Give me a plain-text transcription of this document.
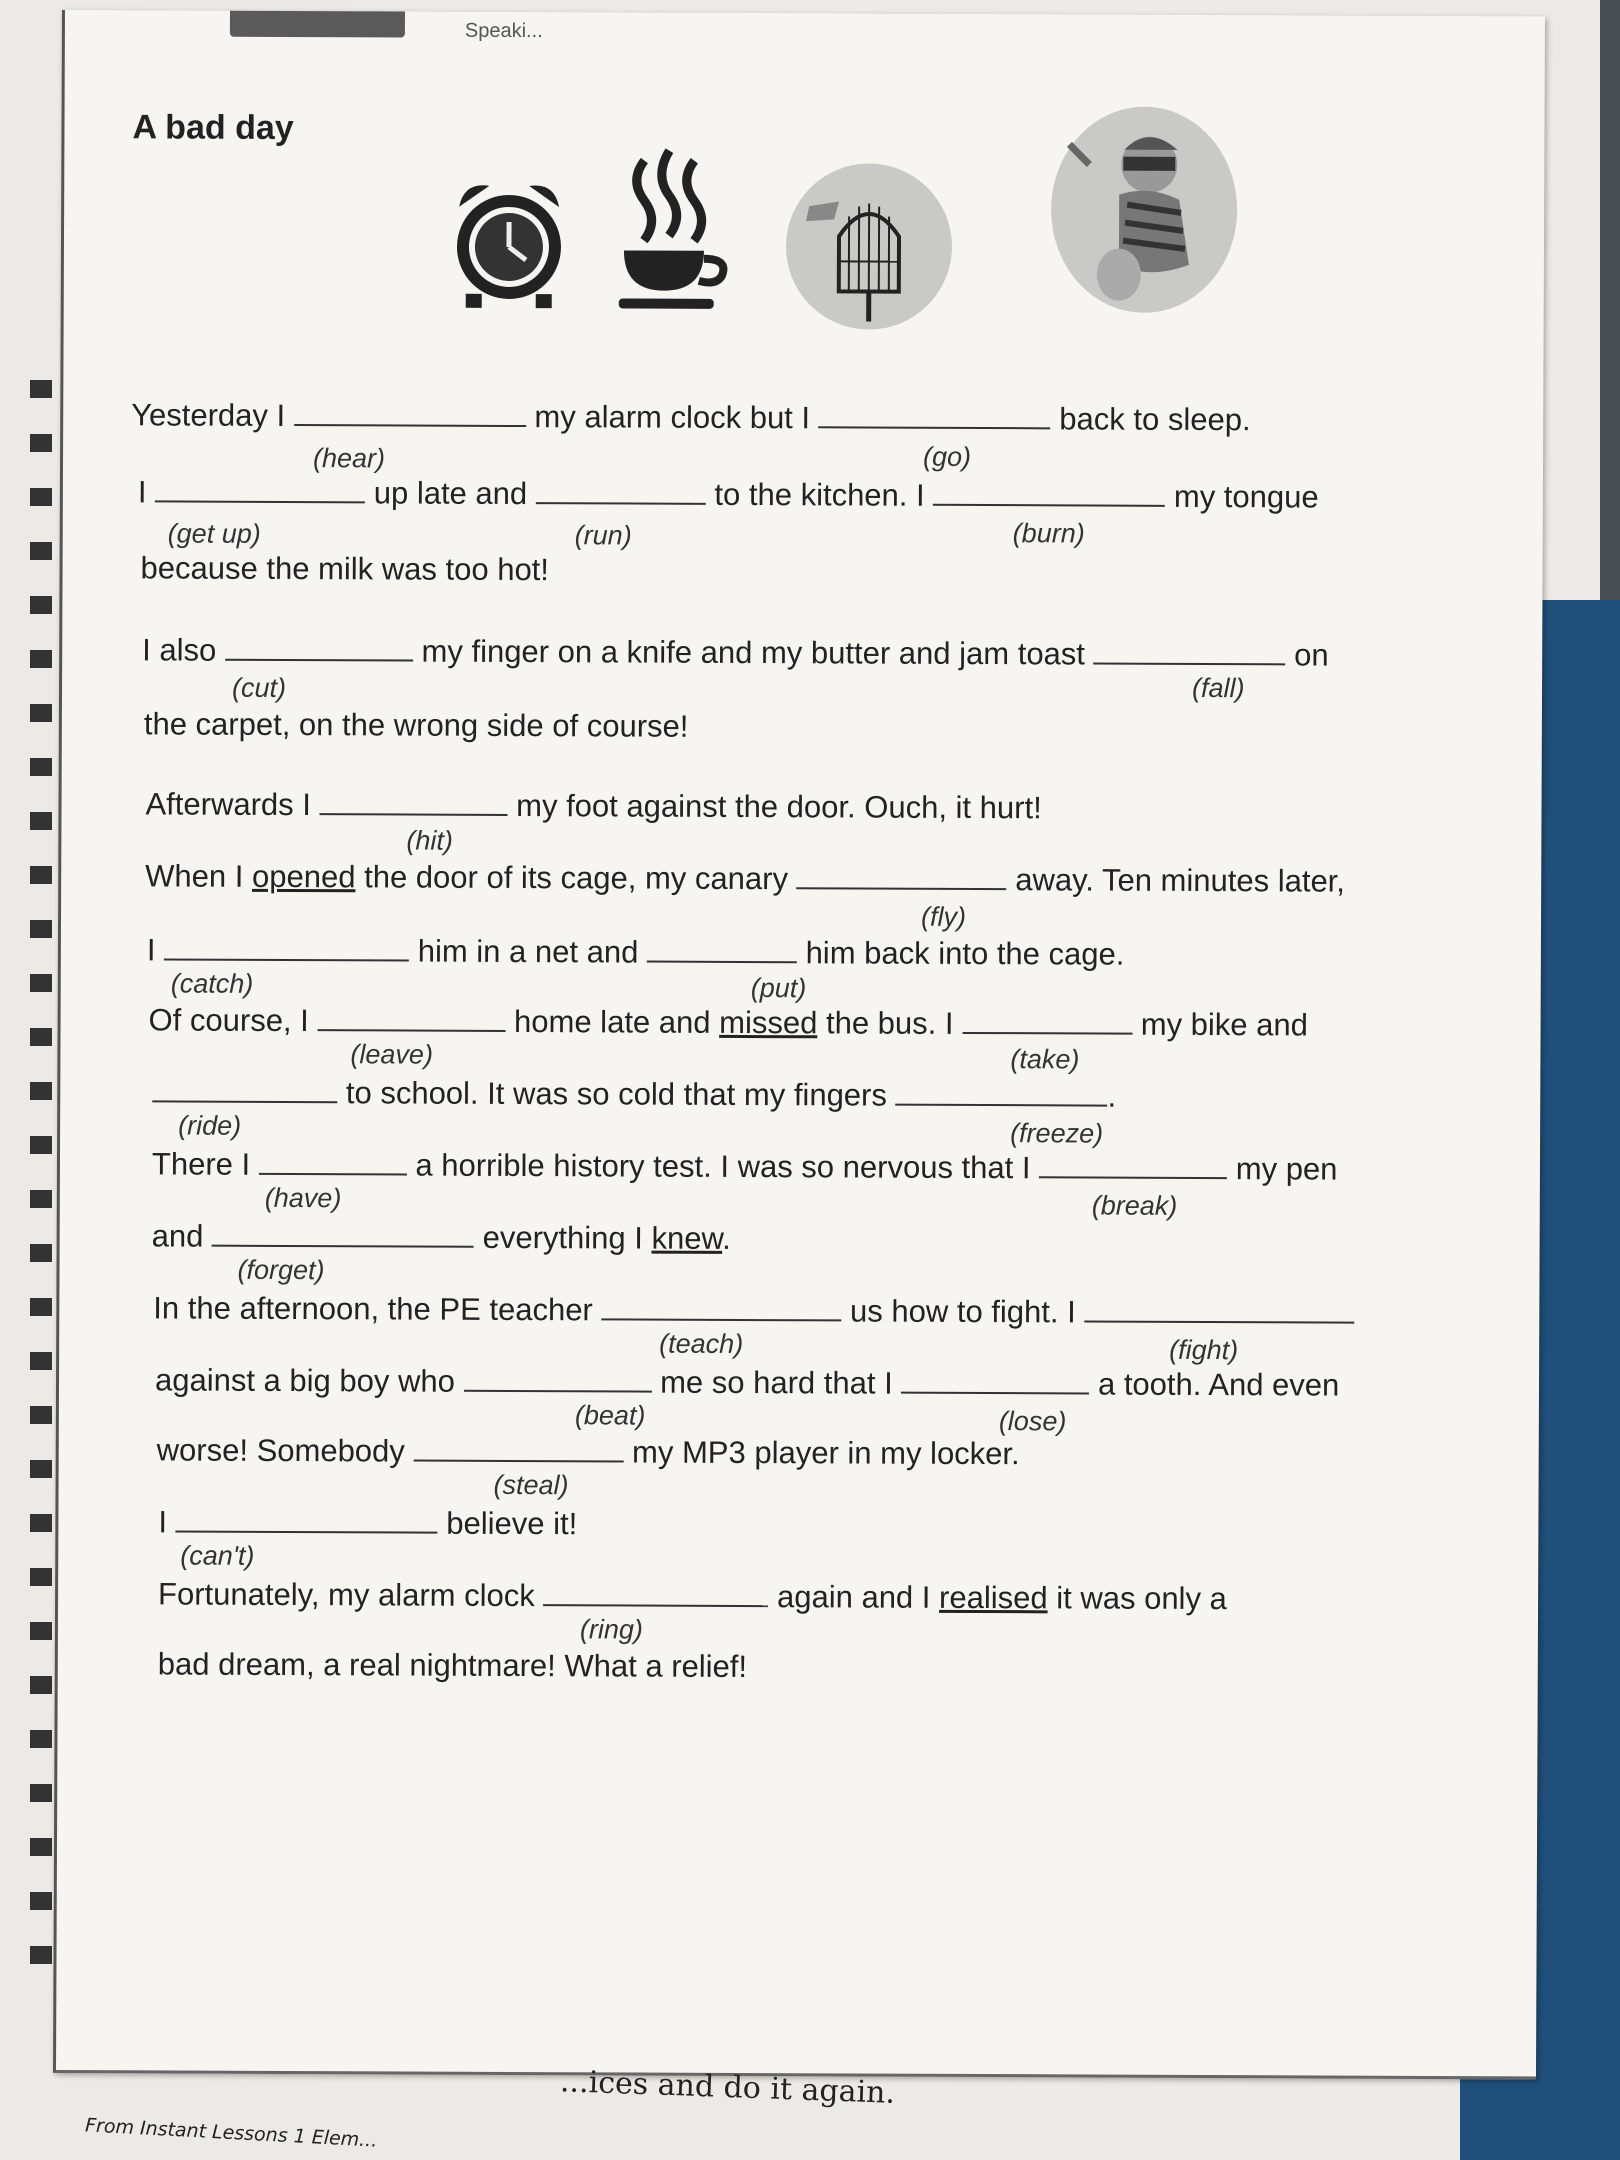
Speaki...
A bad day
Yesterday I	my alarm clock but I	back to sleep.
(hear)	(go)
I	up late and	to the kitchen. I	my tongue
(get up)	(run)	(burn)
because the milk was too hot!
I also	my finger on a knife and my butter and jam toast	on
(cut)	(fall)
the carpet, on the wrong side of course!
Afterwards I	my foot against the door. Ouch, it hurt!
(hit)
When I opened the door of its cage, my canary	away. Ten minutes later,
(fly)
I	him in a net and	him back into the cage.
(catch)	(put)
Of course, I	home late and missed the bus. I	my bike and
(leave)	(take)
to school. It was so cold that my fingers	.
(ride)	(freeze)
There I	a horrible history test. I was so nervous that I	my pen
(have)	(break)
and	everything I knew.
(forget)
In the afternoon, the PE teacher	us how to fight. I
(teach)	(fight)
against a big boy who	me so hard that I	a tooth. And even
(beat)	(lose)
worse! Somebody	my MP3 player in my locker.
(steal)
I	believe it!
(can't)
Fortunately, my alarm clock	again and I realised it was only a
(ring)
bad dream, a real nightmare! What a relief!
...ices and do it again.
From Instant Lessons 1 Elem...
